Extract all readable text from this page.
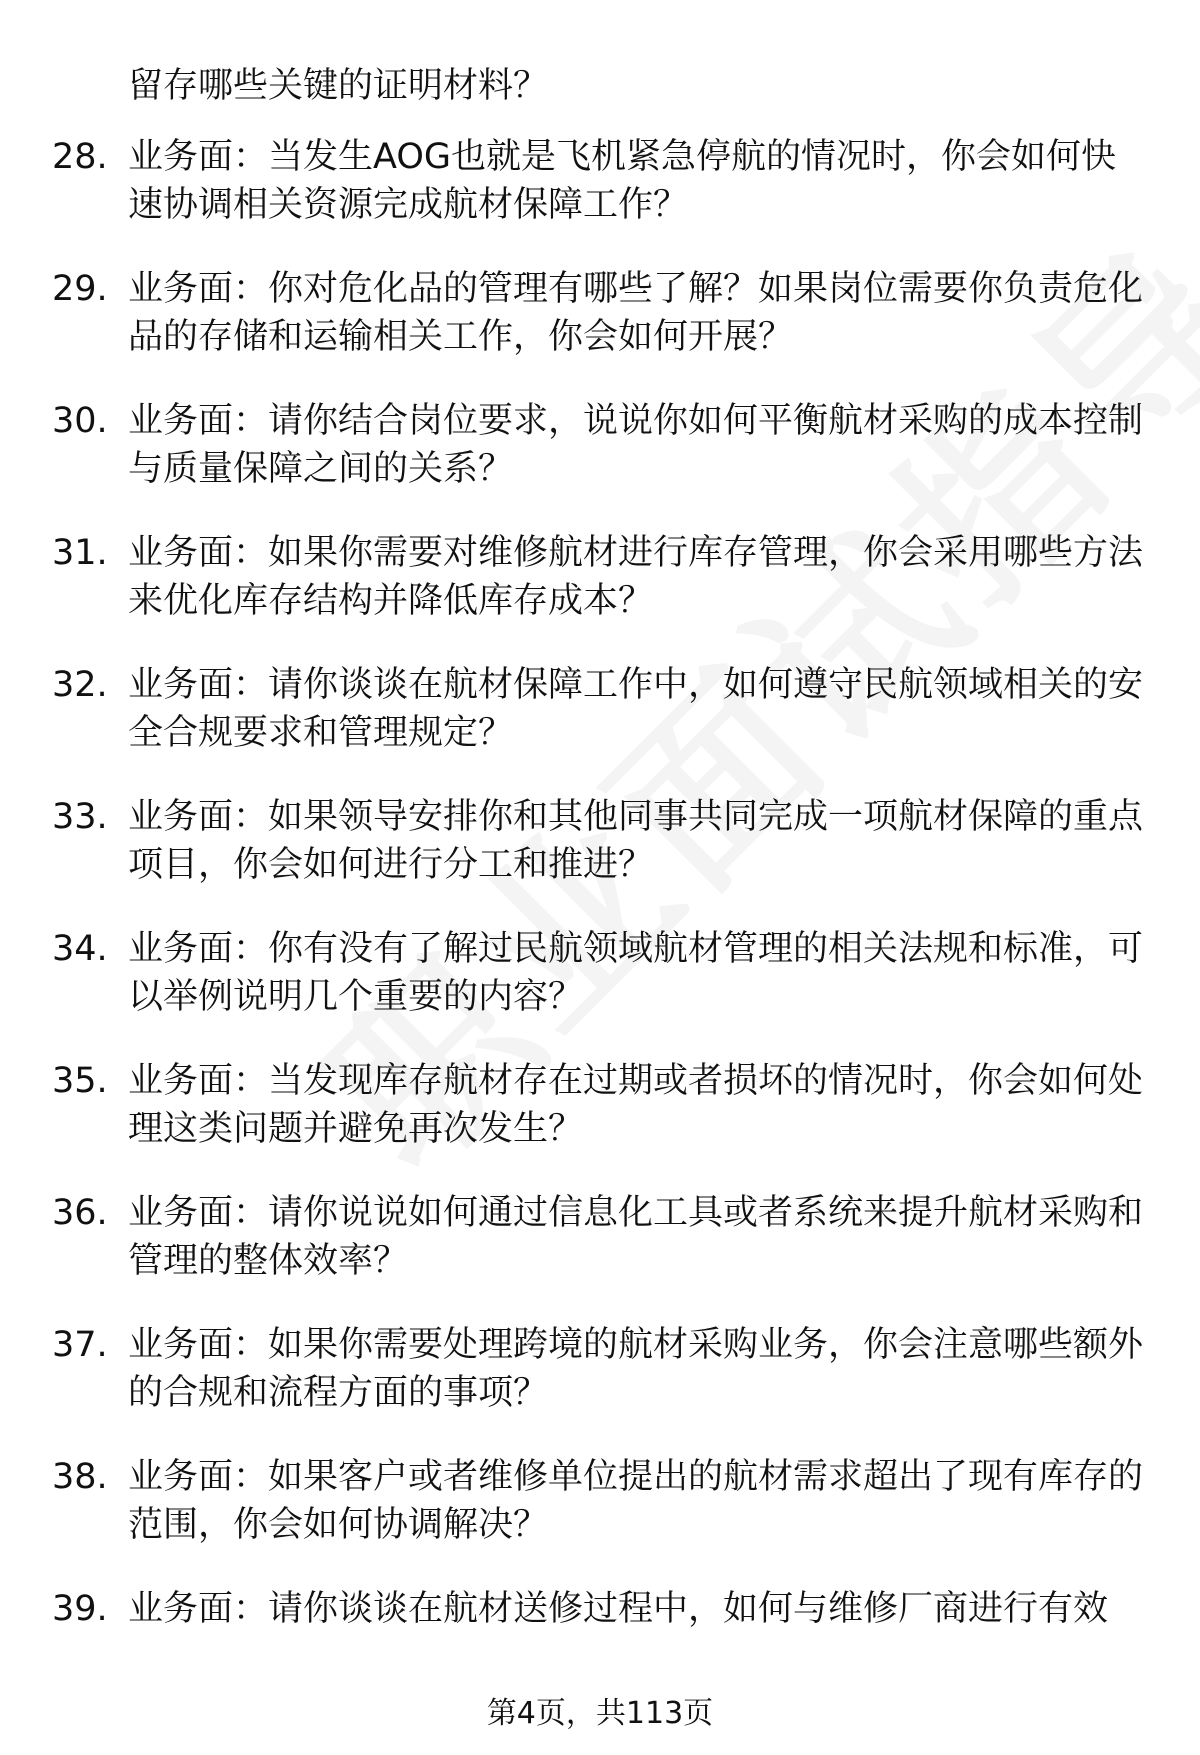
留存哪些关键的证明材料？

28. 业务面：当发生AOG也就是飞机紧急停航的情况时，你会如何快速协调相关资源完成航材保障工作？

29. 业务面：你对危化品的管理有哪些了解？如果岗位需要你负责危化品的存储和运输相关工作，你会如何开展？

30. 业务面：请你结合岗位要求，说说你如何平衡航材采购的成本控制与质量保障之间的关系？

31. 业务面：如果你需要对维修航材进行库存管理，你会采用哪些方法来优化库存结构并降低库存成本？

32. 业务面：请你谈谈在航材保障工作中，如何遵守民航领域相关的安全合规要求和管理规定？

33. 业务面：如果领导安排你和其他同事共同完成一项航材保障的重点项目，你会如何进行分工和推进？

34. 业务面：你有没有了解过民航领域航材管理的相关法规和标准，可以举例说明几个重要的内容？

35. 业务面：当发现库存航材存在过期或者损坏的情况时，你会如何处理这类问题并避免再次发生？

36. 业务面：请你说说如何通过信息化工具或者系统来提升航材采购和管理的整体效率？

37. 业务面：如果你需要处理跨境的航材采购业务，你会注意哪些额外的合规和流程方面的事项？

38. 业务面：如果客户或者维修单位提出的航材需求超出了现有库存的范围，你会如何协调解决？

39. 业务面：请你谈谈在航材送修过程中，如何与维修厂商进行有效

第4页，共113页
